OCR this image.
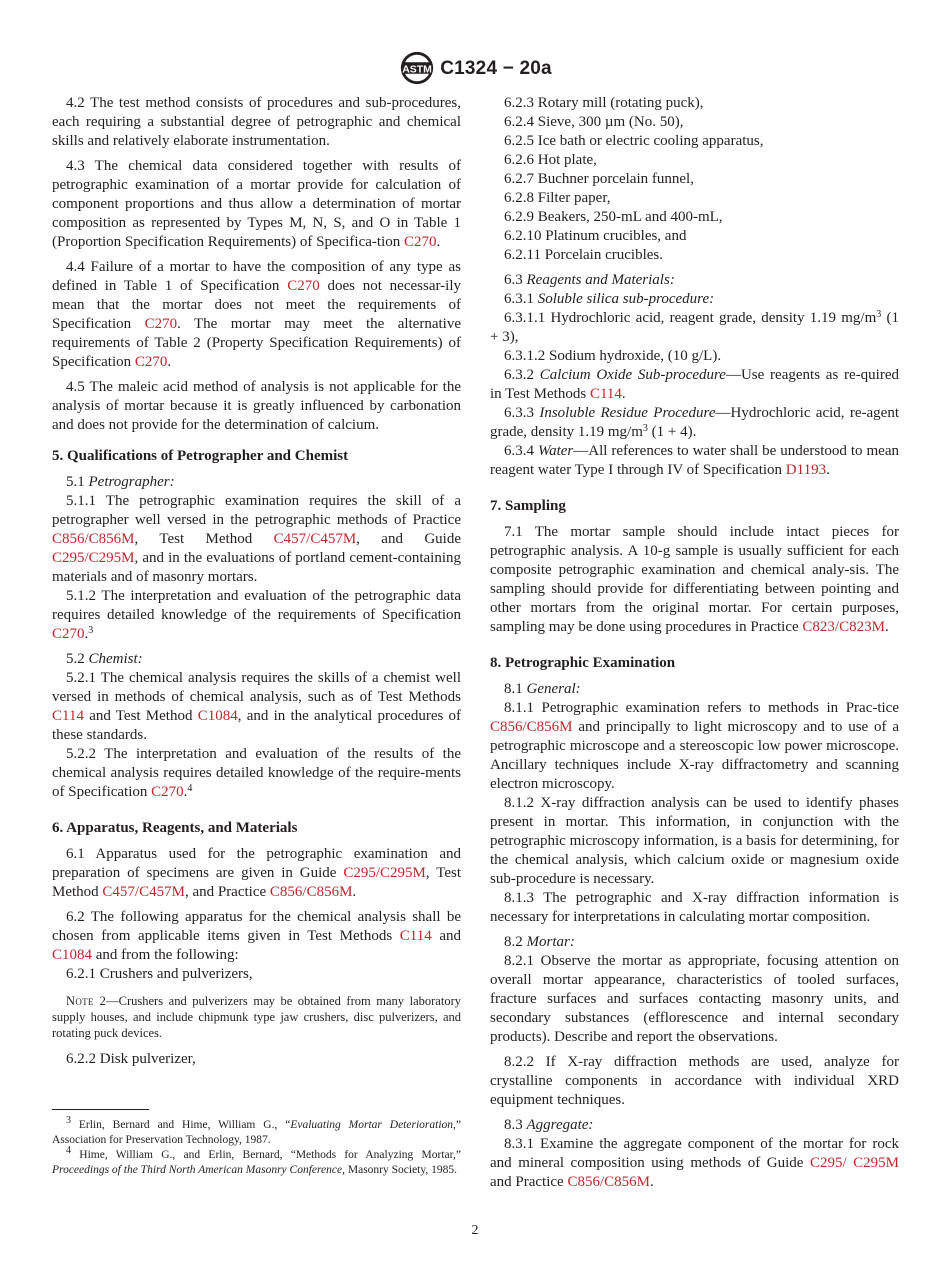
ASTM C1324 − 20a

4.2 The test method consists of procedures and sub-procedures, each requiring a substantial degree of petrographic and chemical skills and relatively elaborate instrumentation.

4.3 The chemical data considered together with results of petrographic examination of a mortar provide for calculation of component proportions and thus allow a determination of mortar composition as represented by Types M, N, S, and O in Table 1 (Proportion Specification Requirements) of Specifica-tion C270.

4.4 Failure of a mortar to have the composition of any type as defined in Table 1 of Specification C270 does not necessar-ily mean that the mortar does not meet the requirements of Specification C270. The mortar may meet the alternative requirements of Table 2 (Property Specification Requirements) of Specification C270.

4.5 The maleic acid method of analysis is not applicable for the analysis of mortar because it is greatly influenced by carbonation and does not provide for the determination of calcium.

5. Qualifications of Petrographer and Chemist

5.1 Petrographer:

5.1.1 The petrographic examination requires the skill of a petrographer well versed in the petrographic methods of Practice C856/C856M, Test Method C457/C457M, and Guide C295/C295M, and in the evaluations of portland cement-containing materials and of masonry mortars.

5.1.2 The interpretation and evaluation of the petrographic data requires detailed knowledge of the requirements of Specification C270.$^3$

5.2 Chemist:

5.2.1 The chemical analysis requires the skills of a chemist well versed in methods of chemical analysis, such as of Test Methods C114 and Test Method C1084, and in the analytical procedures of these standards.

5.2.2 The interpretation and evaluation of the results of the chemical analysis requires detailed knowledge of the require-ments of Specification C270.$^4$

6. Apparatus, Reagents, and Materials

6.1 Apparatus used for the petrographic examination and preparation of specimens are given in Guide C295/C295M, Test Method C457/C457M, and Practice C856/C856M.

6.2 The following apparatus for the chemical analysis shall be chosen from applicable items given in Test Methods C114 and C1084 and from the following:

6.2.1 Crushers and pulverizers,

Note 2—Crushers and pulverizers may be obtained from many laboratory supply houses, and include chipmunk type jaw crushers, disc pulverizers, and rotating puck devices.

6.2.2 Disk pulverizer,

$^3$ Erlin, Bernard and Hime, William G., “Evaluating Mortar Deterioration,” Association for Preservation Technology, 1987.

$^4$ Hime, William G., and Erlin, Bernard, “Methods for Analyzing Mortar,” Proceedings of the Third North American Masonry Conference, Masonry Society, 1985.

6.2.3 Rotary mill (rotating puck),

6.2.4 Sieve, 300 µm (No. 50),

6.2.5 Ice bath or electric cooling apparatus,

6.2.6 Hot plate,

6.2.7 Buchner porcelain funnel,

6.2.8 Filter paper,

6.2.9 Beakers, 250-mL and 400-mL,

6.2.10 Platinum crucibles, and

6.2.11 Porcelain crucibles.

6.3 Reagents and Materials:

6.3.1 Soluble silica sub-procedure:

6.3.1.1 Hydrochloric acid, reagent grade, density 1.19 $mg/m^3$ (1 + 3),

6.3.1.2 Sodium hydroxide, (10 g/L).

6.3.2 Calcium Oxide Sub-procedure—Use reagents as re-quired in Test Methods C114.

6.3.3 Insoluble Residue Procedure—Hydrochloric acid, re-agent grade, density 1.19 $mg/m^3$ (1 + 4).

6.3.4 Water—All references to water shall be understood to mean reagent water Type I through IV of Specification D1193.

7. Sampling

7.1 The mortar sample should include intact pieces for petrographic analysis. A 10-g sample is usually sufficient for each composite petrographic examination and chemical analy-sis. The sampling should provide for differentiating between pointing and other mortars from the original mortar. For certain purposes, sampling may be done using procedures in Practice C823/C823M.

8. Petrographic Examination

8.1 General:

8.1.1 Petrographic examination refers to methods in Prac-tice C856/C856M and principally to light microscopy and to use of a petrographic microscope and a stereoscopic low power microscope. Ancillary techniques include X-ray diffractometry and scanning electron microscopy.

8.1.2 X-ray diffraction analysis can be used to identify phases present in mortar. This information, in conjunction with the petrographic microscopy information, is a basis for determining, for the chemical analysis, which calcium oxide or magnesium oxide sub-procedure is necessary.

8.1.3 The petrographic and X-ray diffraction information is necessary for interpretations in calculating mortar composition.

8.2 Mortar:

8.2.1 Observe the mortar as appropriate, focusing attention on overall mortar appearance, characteristics of tooled surfaces, fracture surfaces and surfaces contacting masonry units, and secondary substances (efflorescence and internal secondary products). Describe and report the observations.

8.2.2 If X-ray diffraction methods are used, analyze for crystalline components in accordance with individual XRD equipment techniques.

8.3 Aggregate:

8.3.1 Examine the aggregate component of the mortar for rock and mineral composition using methods of Guide C295/ C295M and Practice C856/C856M.

2
